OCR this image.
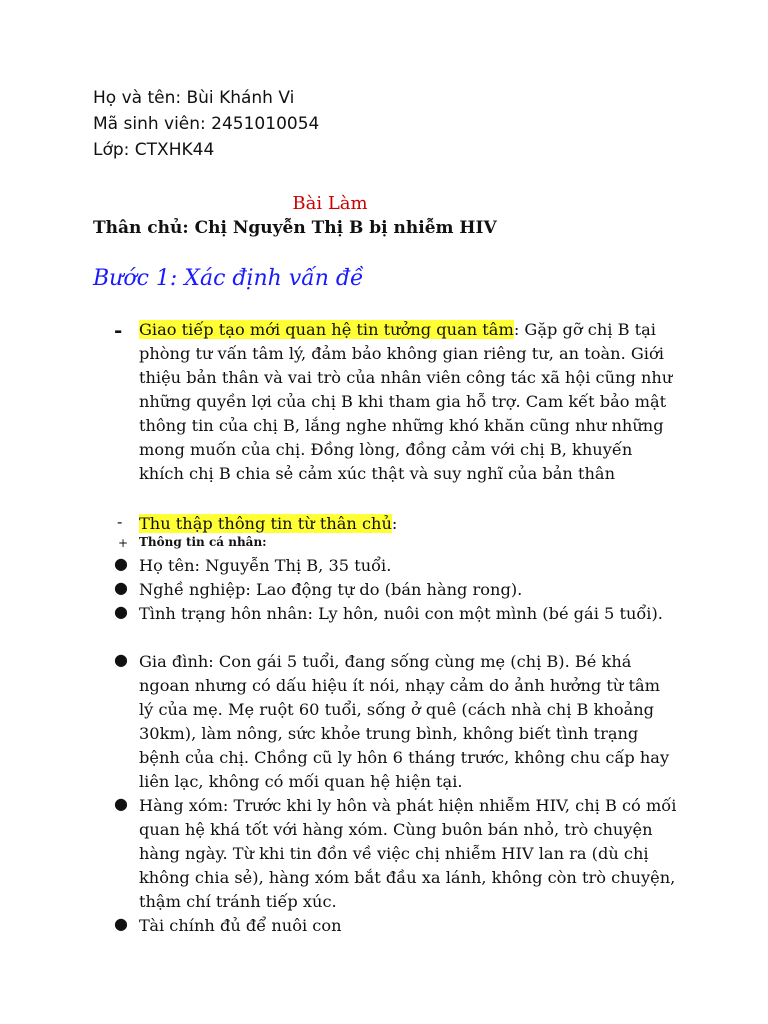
Họ và tên: Bùi Khánh Vi
Mã sinh viên: 2451010054
Lớp: CTXHK44
Bài Làm
Thân chủ: Chị Nguyễn Thị B bị nhiễm HIV
Bước 1: Xác định vấn đề
- Giao tiếp tạo mới quan hệ tin tưởng quan tâm: Gặp gỡ chị B tại phòng tư vấn tâm lý, đảm bảo không gian riêng tư, an toàn. Giới thiệu bản thân và vai trò của nhân viên công tác xã hội cũng như những quyền lợi của chị B khi tham gia hỗ trợ. Cam kết bảo mật thông tin của chị B, lắng nghe những khó khăn cũng như những mong muốn của chị. Đồng lòng, đồng cảm với chị B, khuyến khích chị B chia sẻ cảm xúc thật và suy nghĩ của bản thân
- Thu thập thông tin từ thân chủ:
+ Thông tin cá nhân:
● Họ tên: Nguyễn Thị B, 35 tuổi.
● Nghề nghiệp: Lao động tự do (bán hàng rong).
● Tình trạng hôn nhân: Ly hôn, nuôi con một mình (bé gái 5 tuổi).
● Gia đình: Con gái 5 tuổi, đang sống cùng mẹ (chị B). Bé khá ngoan nhưng có dấu hiệu ít nói, nhạy cảm do ảnh hưởng từ tâm lý của mẹ. Mẹ ruột 60 tuổi, sống ở quê (cách nhà chị B khoảng 30km), làm nông, sức khỏe trung bình, không biết tình trạng bệnh của chị. Chồng cũ ly hôn 6 tháng trước, không chu cấp hay liên lạc, không có mối quan hệ hiện tại.
● Hàng xóm: Trước khi ly hôn và phát hiện nhiễm HIV, chị B có mối quan hệ khá tốt với hàng xóm. Cùng buôn bán nhỏ, trò chuyện hàng ngày. Từ khi tin đồn về việc chị nhiễm HIV lan ra (dù chị không chia sẻ), hàng xóm bắt đầu xa lánh, không còn trò chuyện, thậm chí tránh tiếp xúc.
● Tài chính đủ để nuôi con
